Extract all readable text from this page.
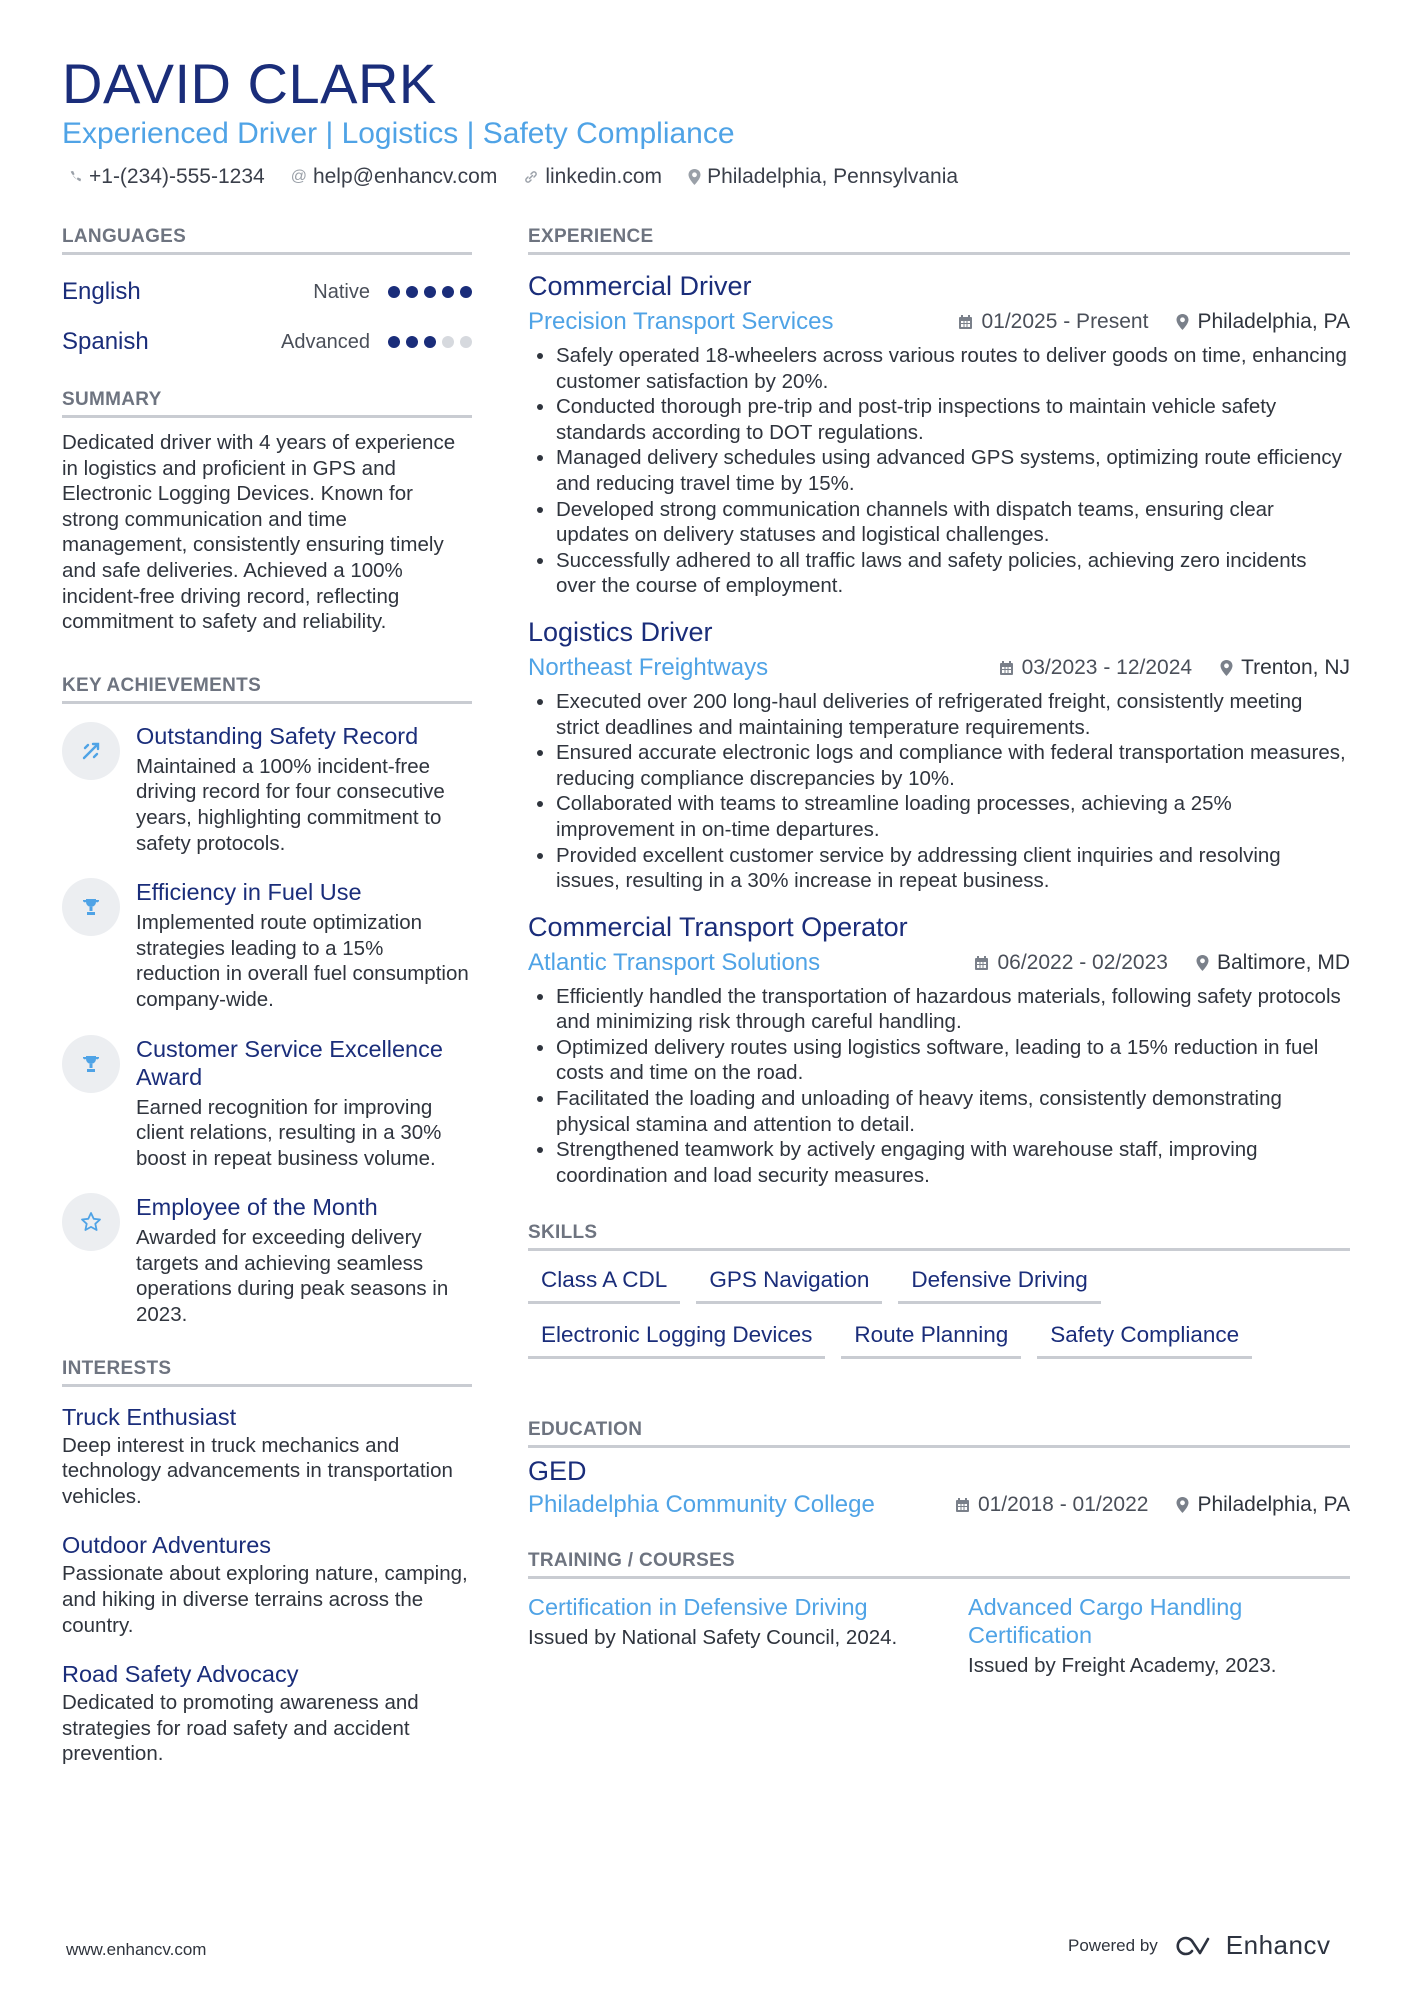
DAVID CLARK
Experienced Driver | Logistics | Safety Compliance
+1-(234)-555-1234 @ help@enhancv.com linkedin.com Philadelphia, Pennsylvania
LANGUAGES
English	Native
Spanish	Advanced
SUMMARY

Dedicated driver with 4 years of experience in logistics and proficient in GPS and Electronic Logging Devices. Known for strong communication and time management, consistently ensuring timely and safe deliveries. Achieved a 100% incident-free driving record, reflecting commitment to safety and reliability.

KEY ACHIEVEMENTS
Outstanding Safety Record

Maintained a 100% incident-free driving record for four consecutive years, highlighting commitment to safety protocols.

Efficiency in Fuel Use

Implemented route optimization strategies leading to a 15% reduction in overall fuel consumption company-wide.

Customer Service Excellence Award

Earned recognition for improving client relations, resulting in a 30% boost in repeat business volume.

Employee of the Month

Awarded for exceeding delivery targets and achieving seamless operations during peak seasons in 2023.

INTERESTS
Truck Enthusiast

Deep interest in truck mechanics and technology advancements in transportation vehicles.

Outdoor Adventures

Passionate about exploring nature, camping, and hiking in diverse terrains across the country.

Road Safety Advocacy

Dedicated to promoting awareness and strategies for road safety and accident prevention.

EXPERIENCE
Commercial Driver
Precision Transport Services	01/2025 - Present Philadelphia, PA
• Safely operated 18-wheelers across various routes to deliver goods on time, enhancing customer satisfaction by 20%.
• Conducted thorough pre-trip and post-trip inspections to maintain vehicle safety standards according to DOT regulations.
• Managed delivery schedules using advanced GPS systems, optimizing route efficiency and reducing travel time by 15%.
• Developed strong communication channels with dispatch teams, ensuring clear updates on delivery statuses and logistical challenges.
• Successfully adhered to all traffic laws and safety policies, achieving zero incidents over the course of employment.
Logistics Driver
Northeast Freightways	03/2023 - 12/2024 Trenton, NJ
• Executed over 200 long-haul deliveries of refrigerated freight, consistently meeting strict deadlines and maintaining temperature requirements.
• Ensured accurate electronic logs and compliance with federal transportation measures, reducing compliance discrepancies by 10%.
• Collaborated with teams to streamline loading processes, achieving a 25% improvement in on-time departures.
• Provided excellent customer service by addressing client inquiries and resolving issues, resulting in a 30% increase in repeat business.
Commercial Transport Operator
Atlantic Transport Solutions	06/2022 - 02/2023 Baltimore, MD
• Efficiently handled the transportation of hazardous materials, following safety protocols and minimizing risk through careful handling.
• Optimized delivery routes using logistics software, leading to a 15% reduction in fuel costs and time on the road.
• Facilitated the loading and unloading of heavy items, consistently demonstrating physical stamina and attention to detail.
• Strengthened teamwork by actively engaging with warehouse staff, improving coordination and load security measures.
SKILLS
Class A CDL	GPS Navigation	Defensive Driving
Electronic Logging Devices	Route Planning	Safety Compliance
EDUCATION
GED
Philadelphia Community College	01/2018 - 01/2022 Philadelphia, PA
TRAINING / COURSES
Certification in Defensive Driving

Issued by National Safety Council, 2024.

Advanced Cargo Handling Certification

Issued by Freight Academy, 2023.

www.enhancv.com	Powered by	Enhancv
